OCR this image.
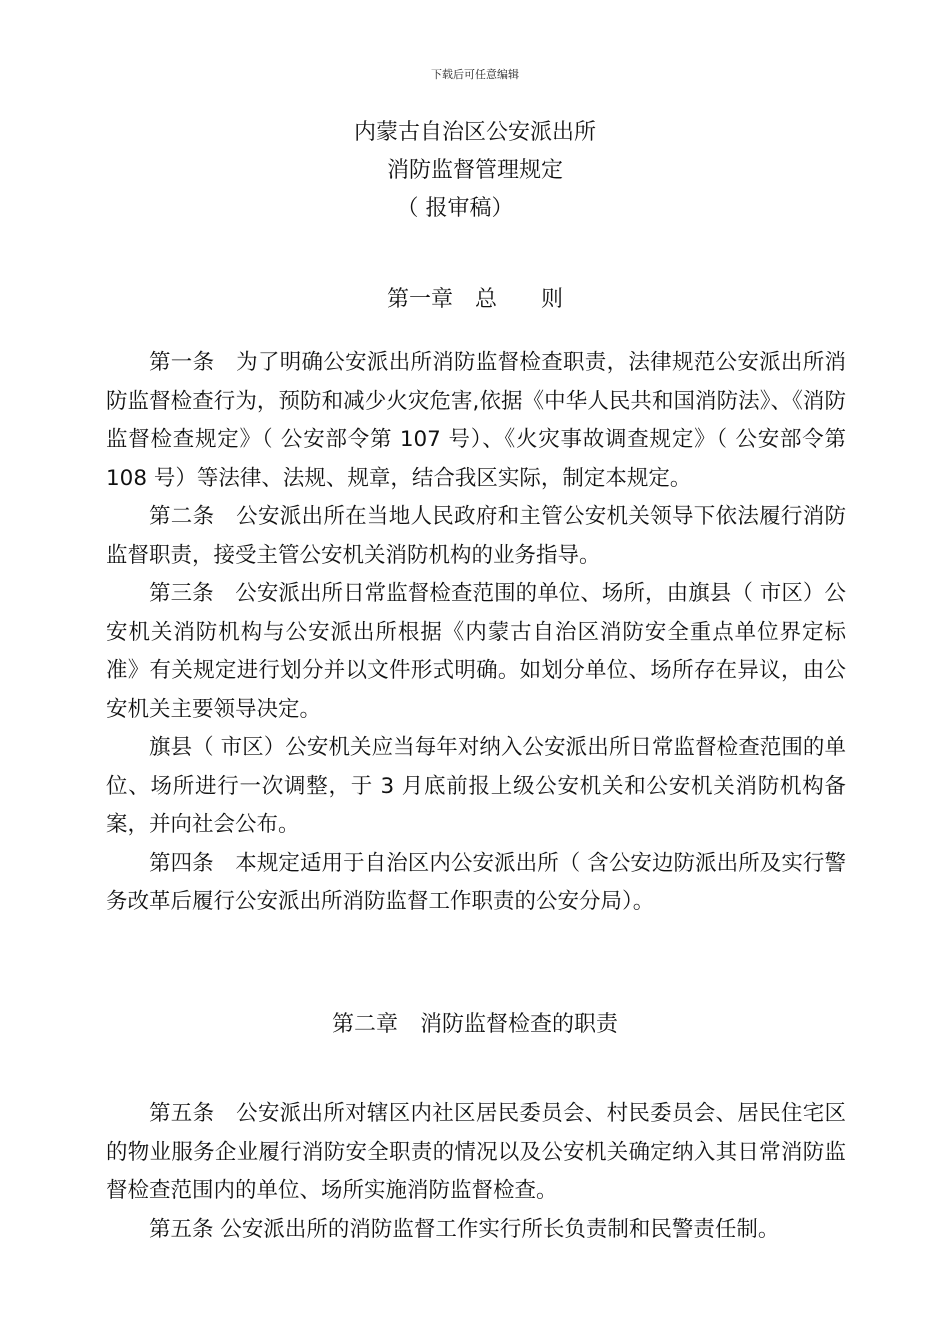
下载后可任意编辑
内蒙古自治区公安派出所
消防监督管理规定
（ 报审稿）
第一章　总　　则

第一条　为了明确公安派出所消防监督检查职责，法律规范公安派出所消防监督检查行为，预防和减少火灾危害,依据《中华人民共和国消防法》、《消防监督检查规定》（ 公安部令第 107 号）、《火灾事故调查规定》（ 公安部令第 108 号）等法律、法规、规章，结合我区实际，制定本规定。

第二条　公安派出所在当地人民政府和主管公安机关领导下依法履行消防监督职责，接受主管公安机关消防机构的业务指导。

第三条　公安派出所日常监督检查范围的单位、场所，由旗县（ 市区）公安机关消防机构与公安派出所根据《内蒙古自治区消防安全重点单位界定标准》有关规定进行划分并以文件形式明确。如划分单位、场所存在异议，由公安机关主要领导决定。

旗县（ 市区）公安机关应当每年对纳入公安派出所日常监督检查范围的单位、场所进行一次调整，于 3 月底前报上级公安机关和公安机关消防机构备案，并向社会公布。

第四条　本规定适用于自治区内公安派出所（ 含公安边防派出所及实行警务改革后履行公安派出所消防监督工作职责的公安分局）。

第二章　消防监督检查的职责

第五条　公安派出所对辖区内社区居民委员会、村民委员会、居民住宅区的物业服务企业履行消防安全职责的情况以及公安机关确定纳入其日常消防监督检查范围内的单位、场所实施消防监督检查。

第五条 公安派出所的消防监督工作实行所长负责制和民警责任制。
